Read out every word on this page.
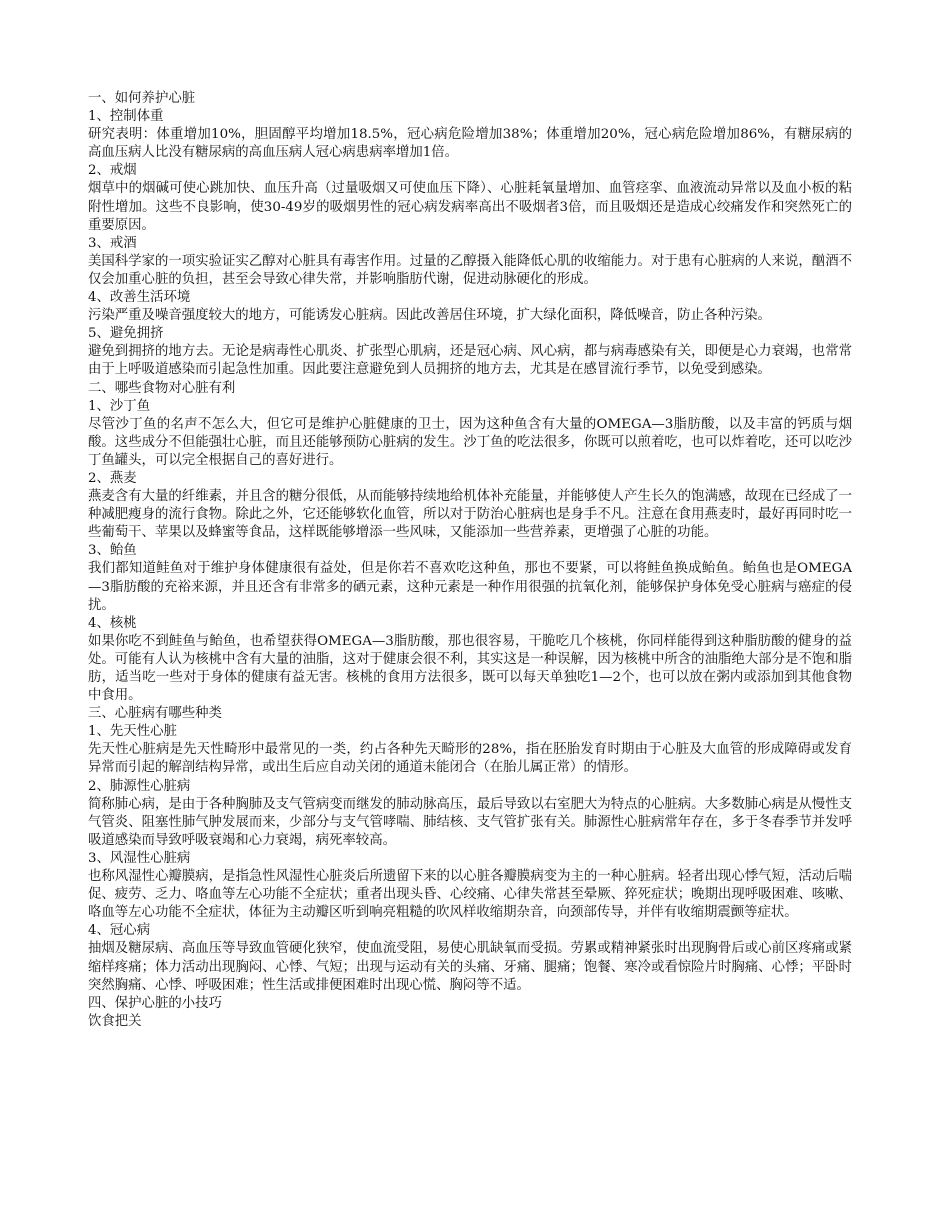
一、如何养护心脏
1、控制体重

研究表明：体重增加10%，胆固醇平均增加18.5%，冠心病危险增加38%；体重增加20%，冠心病危险增加86%，有糖尿病的高血压病人比没有糖尿病的高血压病人冠心病患病率增加1倍。

2、戒烟

烟草中的烟碱可使心跳加快、血压升高（过量吸烟又可使血压下降）、心脏耗氧量增加、血管痉挛、血液流动异常以及血小板的粘附性增加。这些不良影响，使30-49岁的吸烟男性的冠心病发病率高出不吸烟者3倍，而且吸烟还是造成心绞痛发作和突然死亡的重要原因。

3、戒酒

美国科学家的一项实验证实乙醇对心脏具有毒害作用。过量的乙醇摄入能降低心肌的收缩能力。对于患有心脏病的人来说，酗酒不仅会加重心脏的负担，甚至会导致心律失常，并影响脂肪代谢，促进动脉硬化的形成。

4、改善生活环境

污染严重及噪音强度较大的地方，可能诱发心脏病。因此改善居住环境，扩大绿化面积，降低噪音，防止各种污染。

5、避免拥挤

避免到拥挤的地方去。无论是病毒性心肌炎、扩张型心肌病，还是冠心病、风心病，都与病毒感染有关，即便是心力衰竭，也常常由于上呼吸道感染而引起急性加重。因此要注意避免到人员拥挤的地方去，尤其是在感冒流行季节，以免受到感染。

二、哪些食物对心脏有利
1、沙丁鱼

尽管沙丁鱼的名声不怎么大，但它可是维护心脏健康的卫士，因为这种鱼含有大量的OMEGA—3脂肪酸，以及丰富的钙质与烟酸。这些成分不但能强壮心脏，而且还能够预防心脏病的发生。沙丁鱼的吃法很多，你既可以煎着吃，也可以炸着吃，还可以吃沙丁鱼罐头，可以完全根据自己的喜好进行。

2、燕麦

燕麦含有大量的纤维素，并且含的糖分很低，从而能够持续地给机体补充能量，并能够使人产生长久的饱满感，故现在已经成了一种减肥瘦身的流行食物。除此之外，它还能够软化血管，所以对于防治心脏病也是身手不凡。注意在食用燕麦时，最好再同时吃一些葡萄干、苹果以及蜂蜜等食品，这样既能够增添一些风味，又能添加一些营养素，更增强了心脏的功能。

3、鲐鱼

我们都知道鲑鱼对于维护身体健康很有益处，但是你若不喜欢吃这种鱼，那也不要紧，可以将鲑鱼换成鲐鱼。鲐鱼也是OMEGA—3脂肪酸的充裕来源，并且还含有非常多的硒元素，这种元素是一种作用很强的抗氧化剂，能够保护身体免受心脏病与癌症的侵扰。

4、核桃

如果你吃不到鲑鱼与鲐鱼，也希望获得OMEGA—3脂肪酸，那也很容易，干脆吃几个核桃，你同样能得到这种脂肪酸的健身的益处。可能有人认为核桃中含有大量的油脂，这对于健康会很不利，其实这是一种误解，因为核桃中所含的油脂绝大部分是不饱和脂肪，适当吃一些对于身体的健康有益无害。核桃的食用方法很多，既可以每天单独吃1—2个，也可以放在粥内或添加到其他食物中食用。

三、心脏病有哪些种类
1、先天性心脏

先天性心脏病是先天性畸形中最常见的一类，约占各种先天畸形的28%，指在胚胎发育时期由于心脏及大血管的形成障碍或发育异常而引起的解剖结构异常，或出生后应自动关闭的通道未能闭合（在胎儿属正常）的情形。

2、肺源性心脏病

简称肺心病，是由于各种胸肺及支气管病变而继发的肺动脉高压，最后导致以右室肥大为特点的心脏病。大多数肺心病是从慢性支气管炎、阻塞性肺气肿发展而来，少部分与支气管哮喘、肺结核、支气管扩张有关。肺源性心脏病常年存在，多于冬春季节并发呼吸道感染而导致呼吸衰竭和心力衰竭，病死率较高。

3、风湿性心脏病

也称风湿性心瓣膜病，是指急性风湿性心脏炎后所遗留下来的以心脏各瓣膜病变为主的一种心脏病。轻者出现心悸气短，活动后喘促、疲劳、乏力、咯血等左心功能不全症状；重者出现头昏、心绞痛、心律失常甚至晕厥、猝死症状；晚期出现呼吸困难、咳嗽、咯血等左心功能不全症状，体征为主动瓣区听到响亮粗糙的吹风样收缩期杂音，向颈部传导，并伴有收缩期震颤等症状。

4、冠心病

抽烟及糖尿病、高血压等导致血管硬化狭窄，使血流受阻，易使心肌缺氧而受损。劳累或精神紧张时出现胸骨后或心前区疼痛或紧缩样疼痛；体力活动出现胸闷、心悸、气短；出现与运动有关的头痛、牙痛、腿痛；饱餐、寒冷或看惊险片时胸痛、心悸；平卧时突然胸痛、心悸、呼吸困难；性生活或排便困难时出现心慌、胸闷等不适。

四、保护心脏的小技巧
饮食把关
